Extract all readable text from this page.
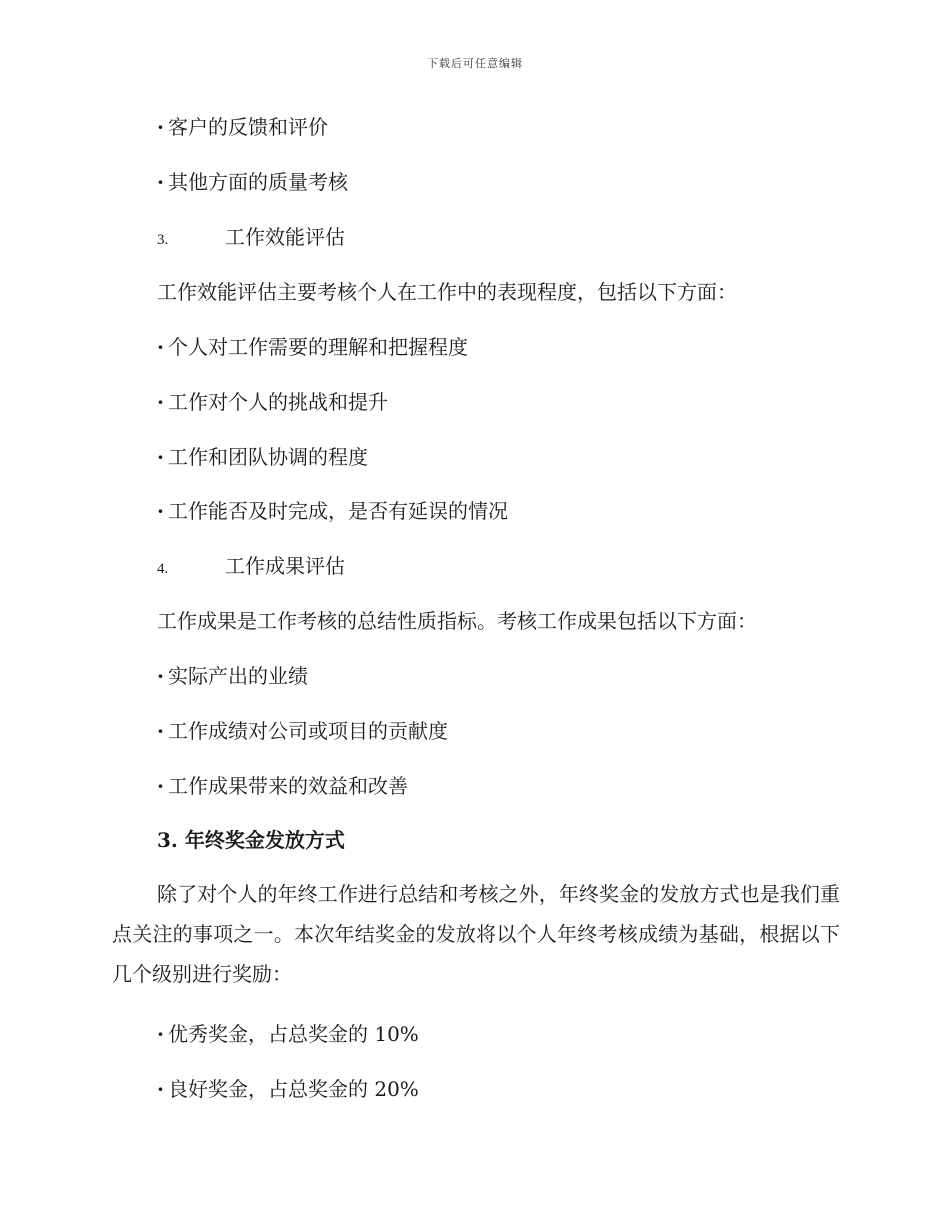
下载后可任意编辑
· 客户的反馈和评价
· 其他方面的质量考核
3.	工作效能评估
工作效能评估主要考核个人在工作中的表现程度，包括以下方面：
· 个人对工作需要的理解和把握程度
· 工作对个人的挑战和提升
· 工作和团队协调的程度
· 工作能否及时完成，是否有延误的情况
4.	工作成果评估
工作成果是工作考核的总结性质指标。考核工作成果包括以下方面：
· 实际产出的业绩
· 工作成绩对公司或项目的贡献度
· 工作成果带来的效益和改善
3. 年终奖金发放方式
除了对个人的年终工作进行总结和考核之外，年终奖金的发放方式也是我们重点关注的事项之一。本次年结奖金的发放将以个人年终考核成绩为基础，根据以下几个级别进行奖励：
· 优秀奖金，占总奖金的 10%
· 良好奖金，占总奖金的 20%
